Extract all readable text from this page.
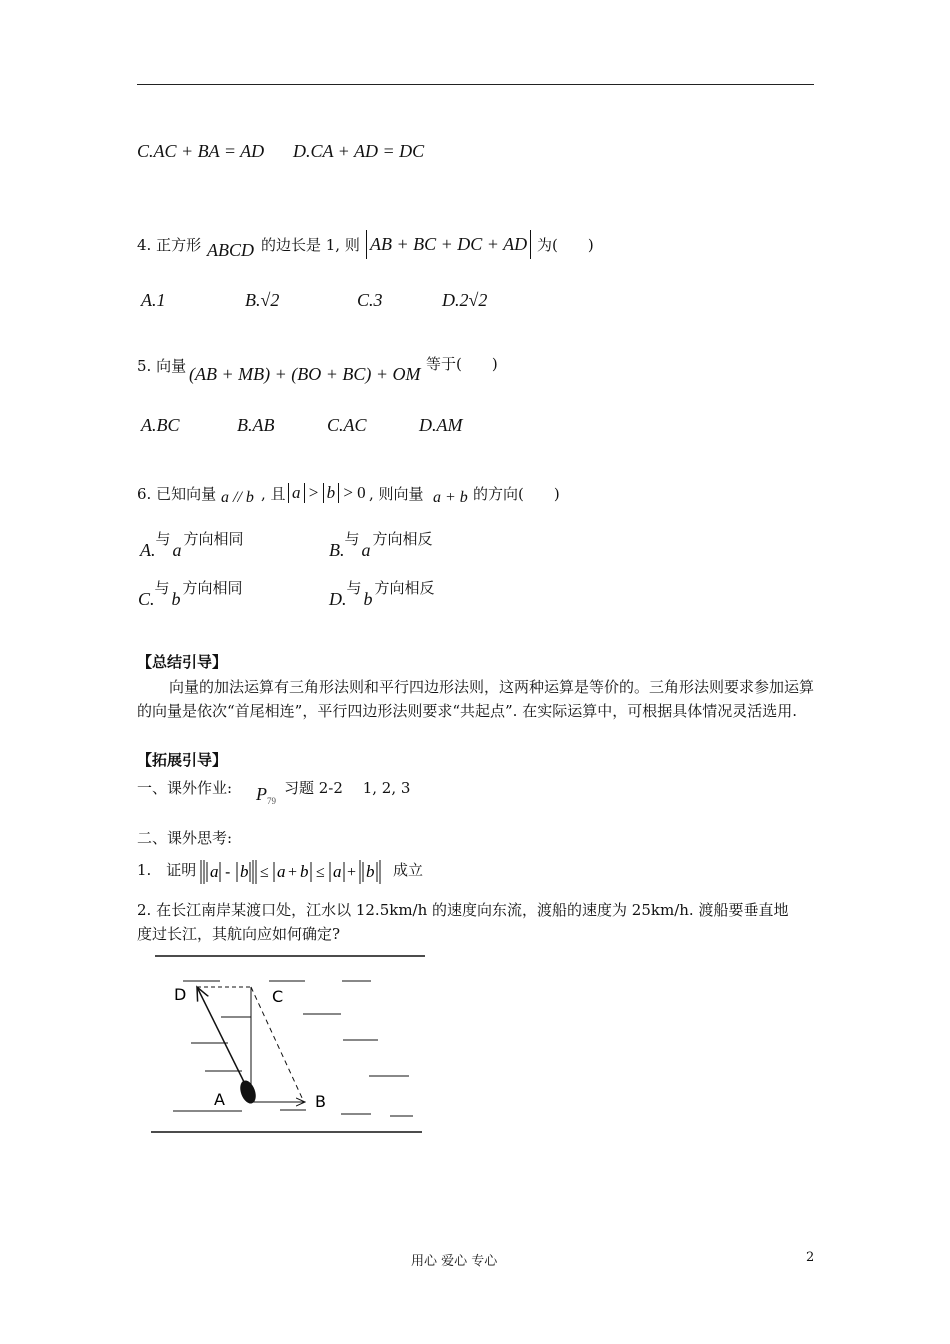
C.AC + BA = AD D.CA + AD = DC
4. 正方形 ABCD 的边长是 1, 则 AB + BC + DC + AD 为(　　)
A.1	B.√2	C.3	D.2√2
5. 向量 (AB + MB) + (BO + BC) + OM 等于(　　)
A.BC	B.AB	C.AC	D.AM
6. 已知向量 a // b , 且 a > b > 0 , 则向量 a + b 的方向(　　)
A.与a方向相同
B.与a方向相反
C.与b方向相同
D.与b方向相反
【总结引导】
向量的加法运算有三角形法则和平行四边形法则，这两种运算是等价的。三角形法则要求参加运算的向量是依次“首尾相连”，平行四边形法则要求“共起点”. 在实际运算中，可根据具体情况灵活选用.
【拓展引导】
一、课外作业: $P_{79}$
习题 2-2　 1, 2, 3
二、课外思考:
1.　证明 a - b ≤ a + b ≤ a + b 成立
2. 在长江南岸某渡口处，江水以 12.5km/h 的速度向东流，渡船的速度为 25km/h. 渡船要垂直地
度过长江，其航向应如何确定?
D	C
A	B
用心 爱心 专心	2
